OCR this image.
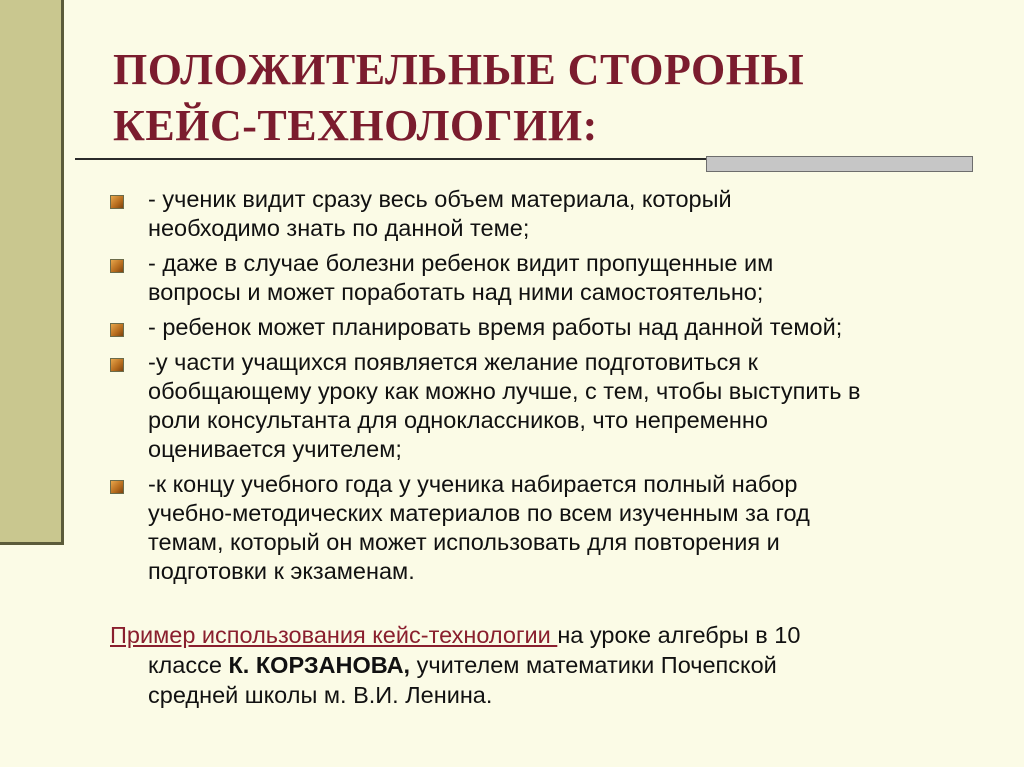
ПОЛОЖИТЕЛЬНЫЕ СТОРОНЫ
КЕЙС-ТЕХНОЛОГИИ:
- ученик видит сразу весь объем материала, который
необходимо знать по данной теме;
- даже в случае болезни ребенок видит пропущенные им
вопросы и может поработать над ними самостоятельно;
- ребенок может планировать время работы над данной темой;
-у части учащихся появляется желание подготовиться к
обобщающему уроку как можно лучше, с тем, чтобы выступить в
роли консультанта для одноклассников, что непременно
оценивается учителем;
-к концу учебного года у ученика набирается полный набор
учебно-методических материалов по всем изученным за год
темам, который он может использовать для повторения и
подготовки к экзаменам.

Пример использования кейс-технологии на уроке алгебры в 10
классе К. КОРЗАНОВА, учителем математики Почепской
средней школы м. В.И. Ленина.
